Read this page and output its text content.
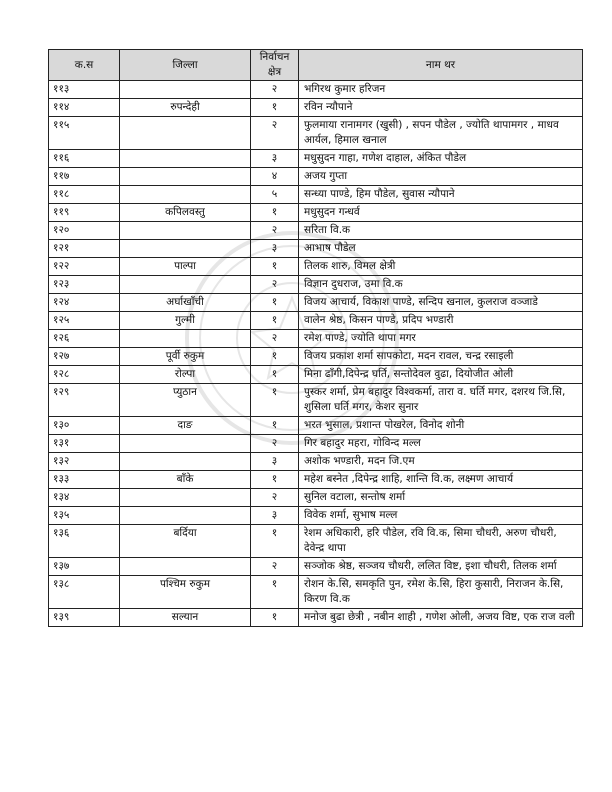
क.स	जिल्ला	निर्वाचन क्षेत्र	नाम थर
११३		२	भगिरथ कुमार हरिजन
११४	रुपन्देही	१	रविन न्यौपाने
११५		२	फुलमाया रानामगर (खुसी) , सपन पौडेल , ज्योति थापामगर , माधव आर्यल, हिमाल खनाल
११६		३	मधुसुदन गाहा, गणेश दाहाल, अंकित पौडेल
११७		४	अजय गुप्ता
११८		५	सन्ध्या पाण्डे, हिम पौडेल, सुवास न्यौपाने
११९	कपिलवस्तु	१	मधुसुदन गन्धर्व
१२०		२	सरिता वि.क
१२१		३	आभाष पौडेल
१२२	पाल्पा	१	तिलक शारु, विमल क्षेत्री
१२३		२	विज्ञान दुधराज, उमा वि.क
१२४	अर्घाखाँची	१	विजय आचार्य, विकाश पाण्डे, सन्दिप खनाल, कुलराज वञ्जाडे
१२५	गुल्मी	१	वालेन श्रेष्ठ, किसन पाण्डे, प्रदिप भण्डारी
१२६		२	रमेश पाण्डे, ज्योति थापा मगर
१२७	पूर्वी रुकुम	१	विजय प्रकाश शर्मा सापकोटा, मदन रावल, चन्द्र रसाइली
१२८	रोल्पा	१	मिना ढाँगी,दिपेन्द्र घर्ति, सन्तोदेवल वुढा, दियोजीत ओली
१२९	प्युठान	१	पुस्कर शर्मा, प्रेम बहादुर विश्वकर्मा, तारा व. घर्ति मगर, दशरथ जि.सि, शुसिला घर्ति मगर, केशर सुनार
१३०	दाङ	१	भरत भुसाल, प्रशान्त पोखरेल, विनोद शोनी
१३१		२	गिर बहादुर महरा, गोविन्द मल्ल
१३२		३	अशोक भण्डारी, मदन जि.एम
१३३	बाँके	१	महेश बस्नेत ,दिपेन्द्र शाहि, शान्ति वि.क, लक्ष्मण आचार्य
१३४		२	सुनिल वटाला, सन्तोष शर्मा
१३५		३	विवेक शर्मा, सुभाष मल्ल
१३६	बर्दिया	१	रेशम अधिकारी, हरि पौडेल, रवि वि.क, सिमा चौधरी, अरुण चौधरी, देवेन्द्र थापा
१३७		२	सञ्जोक श्रेष्ठ, सञ्जय चौधरी, ललित विष्ट, इशा चौधरी, तिलक शर्मा
१३८	पश्चिम रुकुम	१	रोशन के.सि, समकृति पुन, रमेश के.सि, हिरा कुसारी, निराजन के.सि, किरण वि.क
१३९	सल्यान	१	मनोज बुढा छेत्री , नबीन शाही , गणेश ओली, अजय विष्ट, एक राज वली
